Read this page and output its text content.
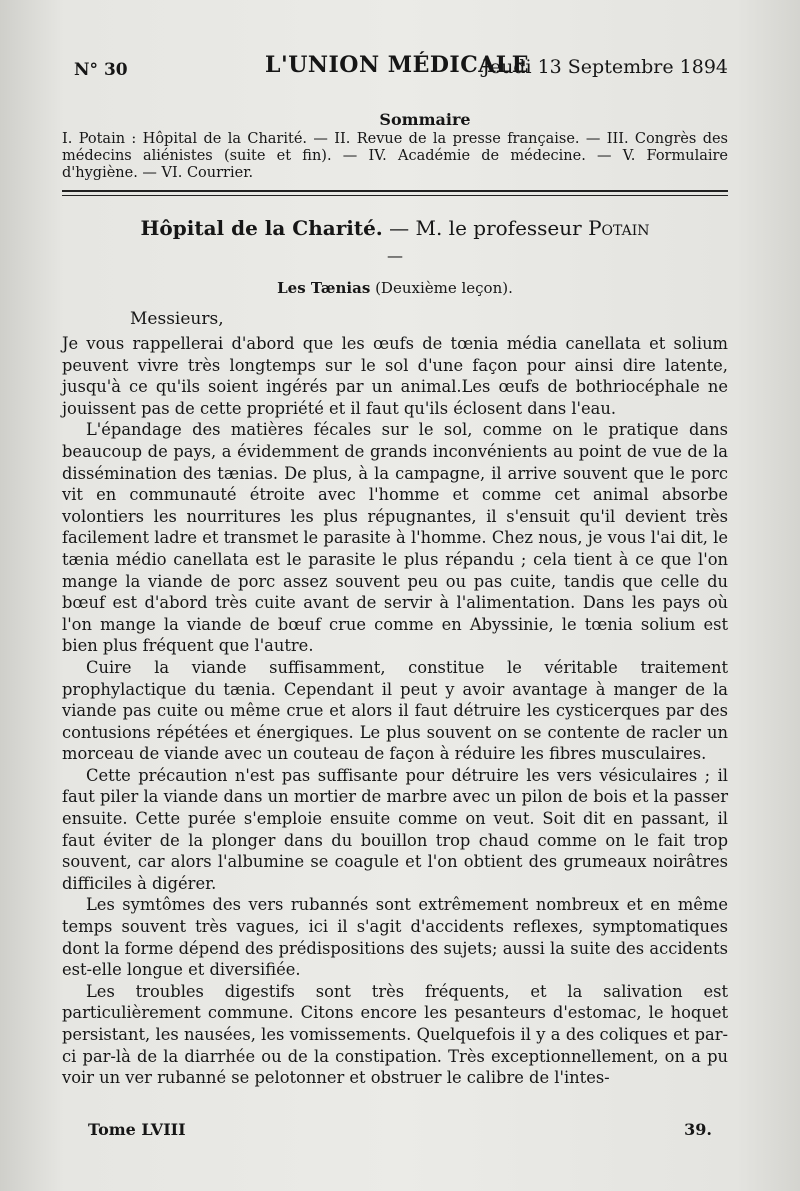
N° 30	L'UNION MÉDICALE
Jeudi 13 Septembre 1894
Sommaire
I. Potain : Hôpital de la Charité. — II. Revue de la presse française. — III. Congrès des médecins aliénistes (suite et fin). — IV. Académie de médecine. — V. Formulaire d'hygiène. — VI. Courrier.
Hôpital de la Charité. — M. le professeur Potain
—
Les Tænias (Deuxième leçon).
Messieurs,

Je vous rappellerai d'abord que les œufs de tœnia média canellata et solium peuvent vivre très longtemps sur le sol d'une façon pour ainsi dire latente, jusqu'à ce qu'ils soient ingérés par un animal.Les œufs de bothriocéphale ne jouissent pas de cette propriété et il faut qu'ils éclosent dans l'eau.

L'épandage des matières fécales sur le sol, comme on le pratique dans beaucoup de pays, a évidemment de grands inconvénients au point de vue de la dissémination des tænias. De plus, à la campagne, il arrive souvent que le porc vit en communauté étroite avec l'homme et comme cet animal absorbe volontiers les nourritures les plus répugnantes, il s'ensuit qu'il devient très facilement ladre et transmet le parasite à l'homme. Chez nous, je vous l'ai dit, le tænia médio canellata est le parasite le plus répandu ; cela tient à ce que l'on mange la viande de porc assez souvent peu ou pas cuite, tandis que celle du bœuf est d'abord très cuite avant de servir à l'alimentation. Dans les pays où l'on mange la viande de bœuf crue comme en Abyssinie, le tœnia solium est bien plus fréquent que l'autre.

Cuire la viande suffisamment, constitue le véritable traitement prophylactique du tænia. Cependant il peut y avoir avantage à manger de la viande pas cuite ou même crue et alors il faut détruire les cysticerques par des contusions répétées et énergiques. Le plus souvent on se contente de racler un morceau de viande avec un couteau de façon à réduire les fibres musculaires.

Cette précaution n'est pas suffisante pour détruire les vers vésiculaires ; il faut piler la viande dans un mortier de marbre avec un pilon de bois et la passer ensuite. Cette purée s'emploie ensuite comme on veut. Soit dit en passant, il faut éviter de la plonger dans du bouillon trop chaud comme on le fait trop souvent, car alors l'albumine se coagule et l'on obtient des grumeaux noirâtres difficiles à digérer.

Les symtômes des vers rubannés sont extrêmement nombreux et en même temps souvent très vagues, ici il s'agit d'accidents reflexes, symptomatiques dont la forme dépend des prédispositions des sujets; aussi la suite des accidents est-elle longue et diversifiée.

Les troubles digestifs sont très fréquents, et la salivation est particulièrement commune. Citons encore les pesanteurs d'estomac, le hoquet persistant, les nausées, les vomissements. Quelquefois il y a des coliques et par-ci par-là de la diarrhée ou de la constipation. Très exceptionnellement, on a pu voir un ver rubanné se pelotonner et obstruer le calibre de l'intes-

Tome LVIII	39.
